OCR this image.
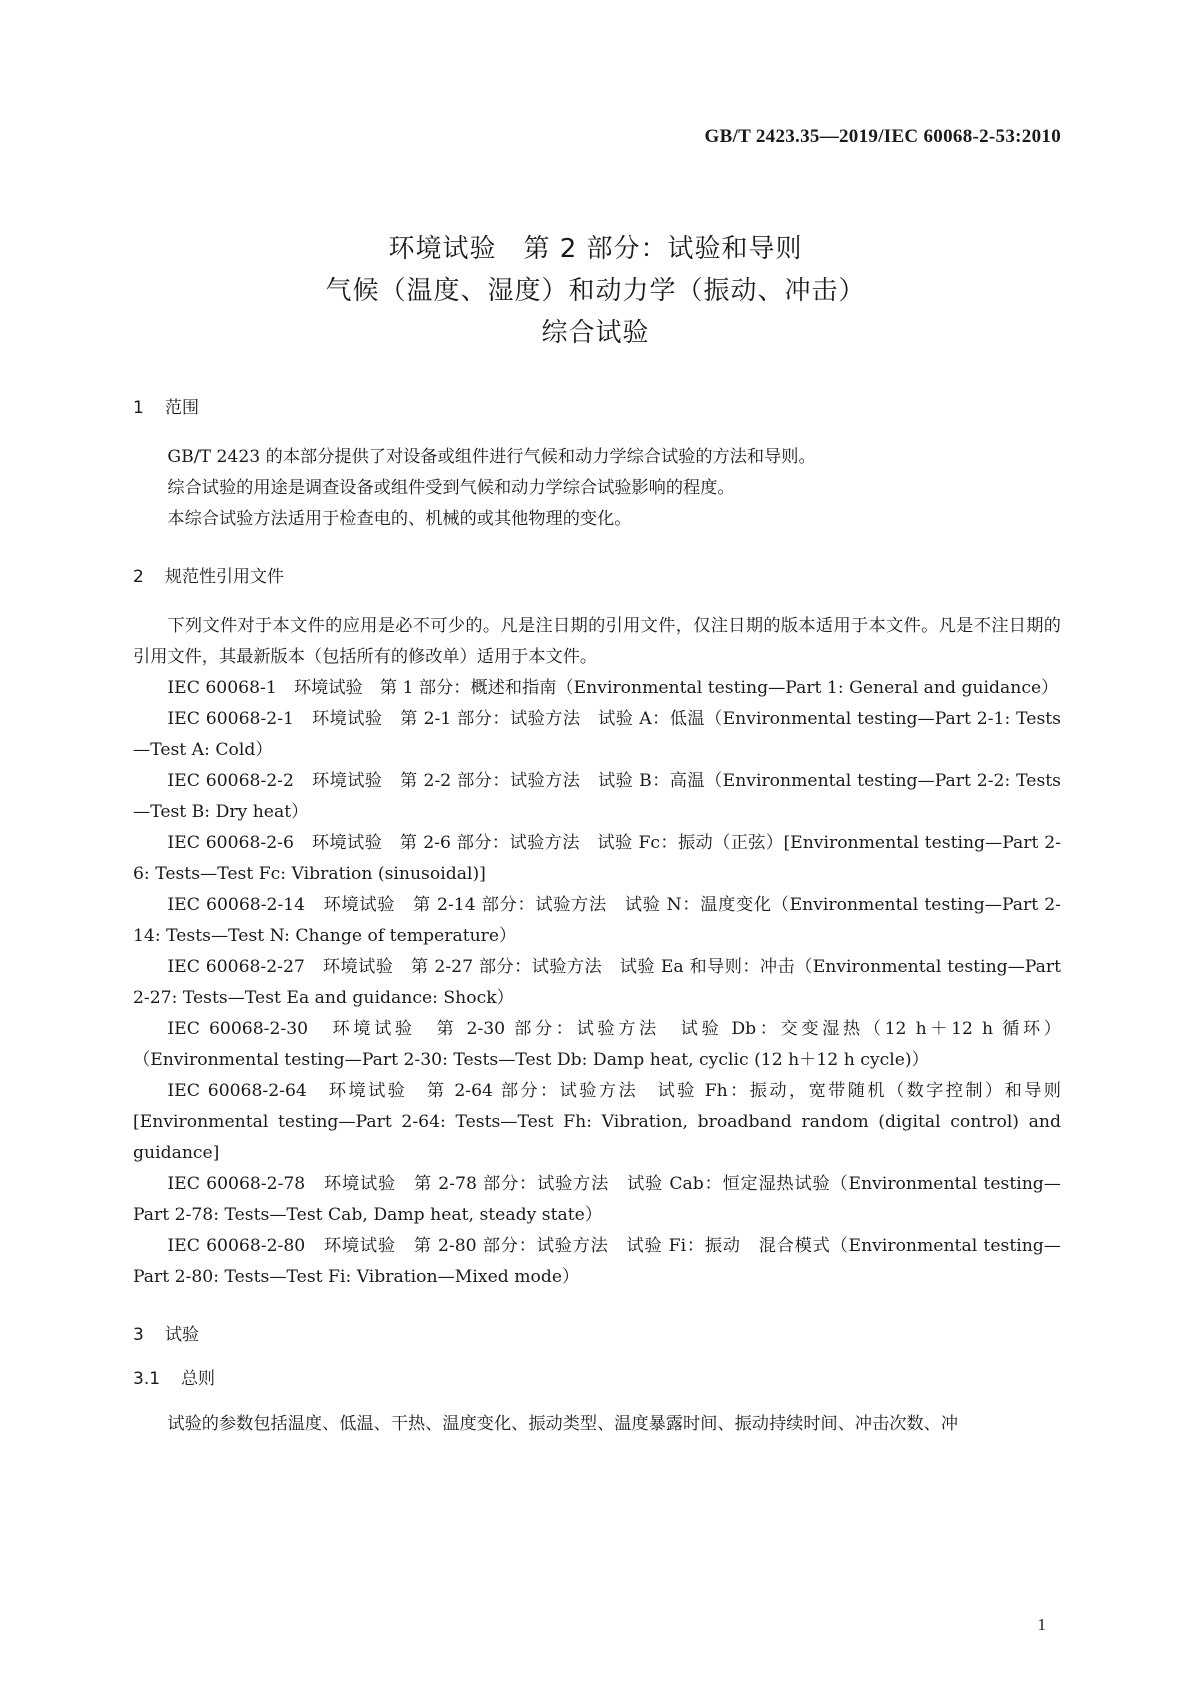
GB/T 2423.35—2019/IEC 60068-2-53:2010
环境试验　第 2 部分：试验和导则
气候（温度、湿度）和动力学（振动、冲击）
综合试验
1 范围

GB/T 2423 的本部分提供了对设备或组件进行气候和动力学综合试验的方法和导则。

综合试验的用途是调查设备或组件受到气候和动力学综合试验影响的程度。

本综合试验方法适用于检查电的、机械的或其他物理的变化。

2 规范性引用文件

下列文件对于本文件的应用是必不可少的。凡是注日期的引用文件，仅注日期的版本适用于本文件。凡是不注日期的引用文件，其最新版本（包括所有的修改单）适用于本文件。

IEC 60068-1　环境试验　第 1 部分：概述和指南（Environmental testing—Part 1: General and guidance）

IEC 60068-2-1　环境试验　第 2-1 部分：试验方法　试验 A：低温（Environmental testing—Part 2-1: Tests—Test A: Cold）

IEC 60068-2-2　环境试验　第 2-2 部分：试验方法　试验 B：高温（Environmental testing—Part 2-2: Tests—Test B: Dry heat）

IEC 60068-2-6　环境试验　第 2-6 部分：试验方法　试验 Fc：振动（正弦）[Environmental testing—Part 2-6: Tests—Test Fc: Vibration (sinusoidal)]

IEC 60068-2-14　环境试验　第 2-14 部分：试验方法　试验 N：温度变化（Environmental testing—Part 2-14: Tests—Test N: Change of temperature）

IEC 60068-2-27　环境试验　第 2-27 部分：试验方法　试验 Ea 和导则：冲击（Environmental testing—Part 2-27: Tests—Test Ea and guidance: Shock）

IEC 60068-2-30　环境试验　第 2-30 部分：试验方法　试验 Db：交变湿热（12 h＋12 h 循环）（Environmental testing—Part 2-30: Tests—Test Db: Damp heat, cyclic (12 h＋12 h cycle)）

IEC 60068-2-64　环境试验　第 2-64 部分：试验方法　试验 Fh：振动，宽带随机（数字控制）和导则 [Environmental testing—Part 2-64: Tests—Test Fh: Vibration, broadband random (digital control) and guidance]

IEC 60068-2-78　环境试验　第 2-78 部分：试验方法　试验 Cab：恒定湿热试验（Environmental testing—Part 2-78: Tests—Test Cab, Damp heat, steady state）

IEC 60068-2-80　环境试验　第 2-80 部分：试验方法　试验 Fi：振动　混合模式（Environmental testing—Part 2-80: Tests—Test Fi: Vibration—Mixed mode）

3 试验
3.1 总则

试验的参数包括温度、低温、干热、温度变化、振动类型、温度暴露时间、振动持续时间、冲击次数、冲

1
